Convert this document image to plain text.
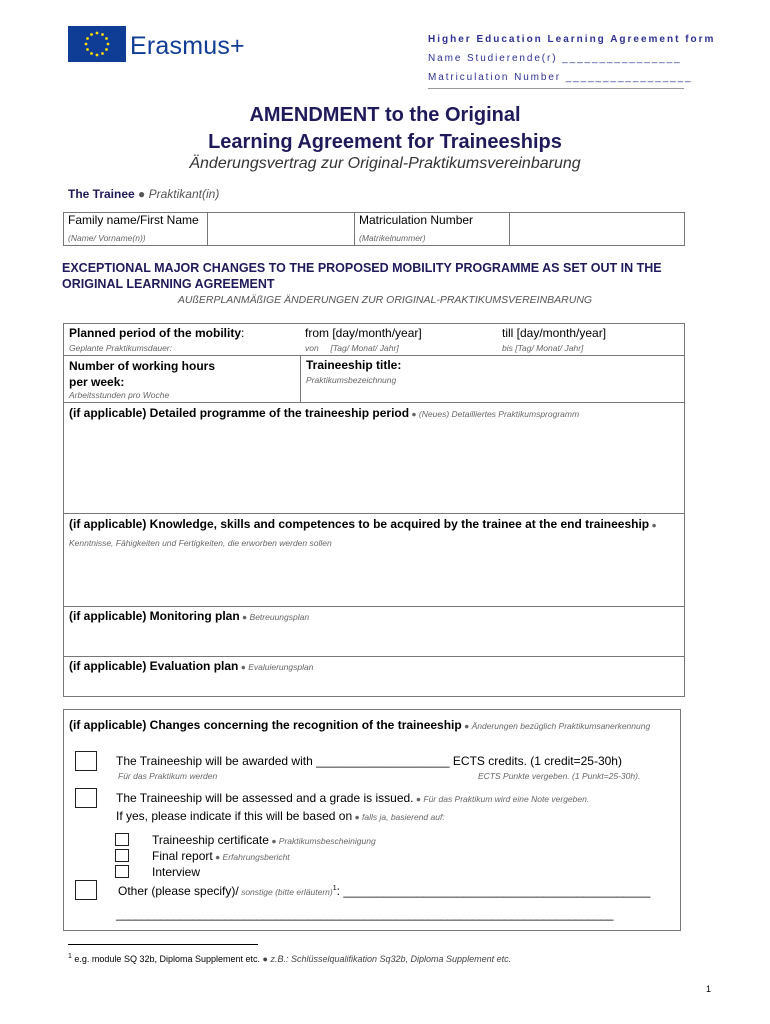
Erasmus+	Higher Education Learning Agreement form
Name Studierende(r) ________________
Matriculation Number _________________
AMENDMENT to the Original
Learning Agreement for Traineeships
Änderungsvertrag zur Original-Praktikumsvereinbarung
The Trainee ● Praktikant(in)
Family name/First Name
(Name/ Vorname(n))
Matriculation Number
(Matrikelnummer)
EXCEPTIONAL MAJOR CHANGES TO THE PROPOSED MOBILITY PROGRAMME AS SET OUT IN THE ORIGINAL LEARNING AGREEMENT
AUßERPLANMÄßIGE ÄNDERUNGEN ZUR ORIGINAL-PRAKTIKUMSVEREINBARUNG
Planned period of the mobility:
Geplante Praktikumsdauer:
from [day/month/year]
von     [Tag/ Monat/ Jahr]
till [day/month/year]
bis [Tag/ Monat/ Jahr]
Number of working hours per week:
Arbeitsstunden pro Woche
Traineeship title:
Praktikumsbezeichnung
(if applicable) Detailed programme of the traineeship period ● (Neues) Detailliertes Praktikumsprogramm
(if applicable) Knowledge, skills and competences to be acquired by the trainee at the end traineeship ● Kenntnisse, Fähigkeiten und Fertigkeiten, die erworben werden sollen
(if applicable) Monitoring plan ● Betreuungsplan
(if applicable) Evaluation plan ● Evaluierungsplan
(if applicable) Changes concerning the recognition of the traineeship ● Änderungen bezüglich Praktikumsanerkennung
The Traineeship will be awarded with ____________________ ECTS credits. (1 credit=25-30h)
Für das Praktikum werden	ECTS Punkte vergeben. (1 Punkt=25-30h).
The Traineeship will be assessed and a grade is issued. ● Für das Praktikum wird eine Note vergeben.
If yes, please indicate if this will be based on ● falls ja, basierend auf:
Traineeship certificate ● Praktikumsbescheinigung
Final report ● Erfahrungsbericht
Interview
Other (please specify)/ sonstige (bitte erläutern)$^1$: ______________________________________________
______________________________________________________________________________
$^1$ e.g. module SQ 32b, Diploma Supplement etc. ● z.B.: Schlüsselqualifikation Sq32b, Diploma Supplement etc.
1
